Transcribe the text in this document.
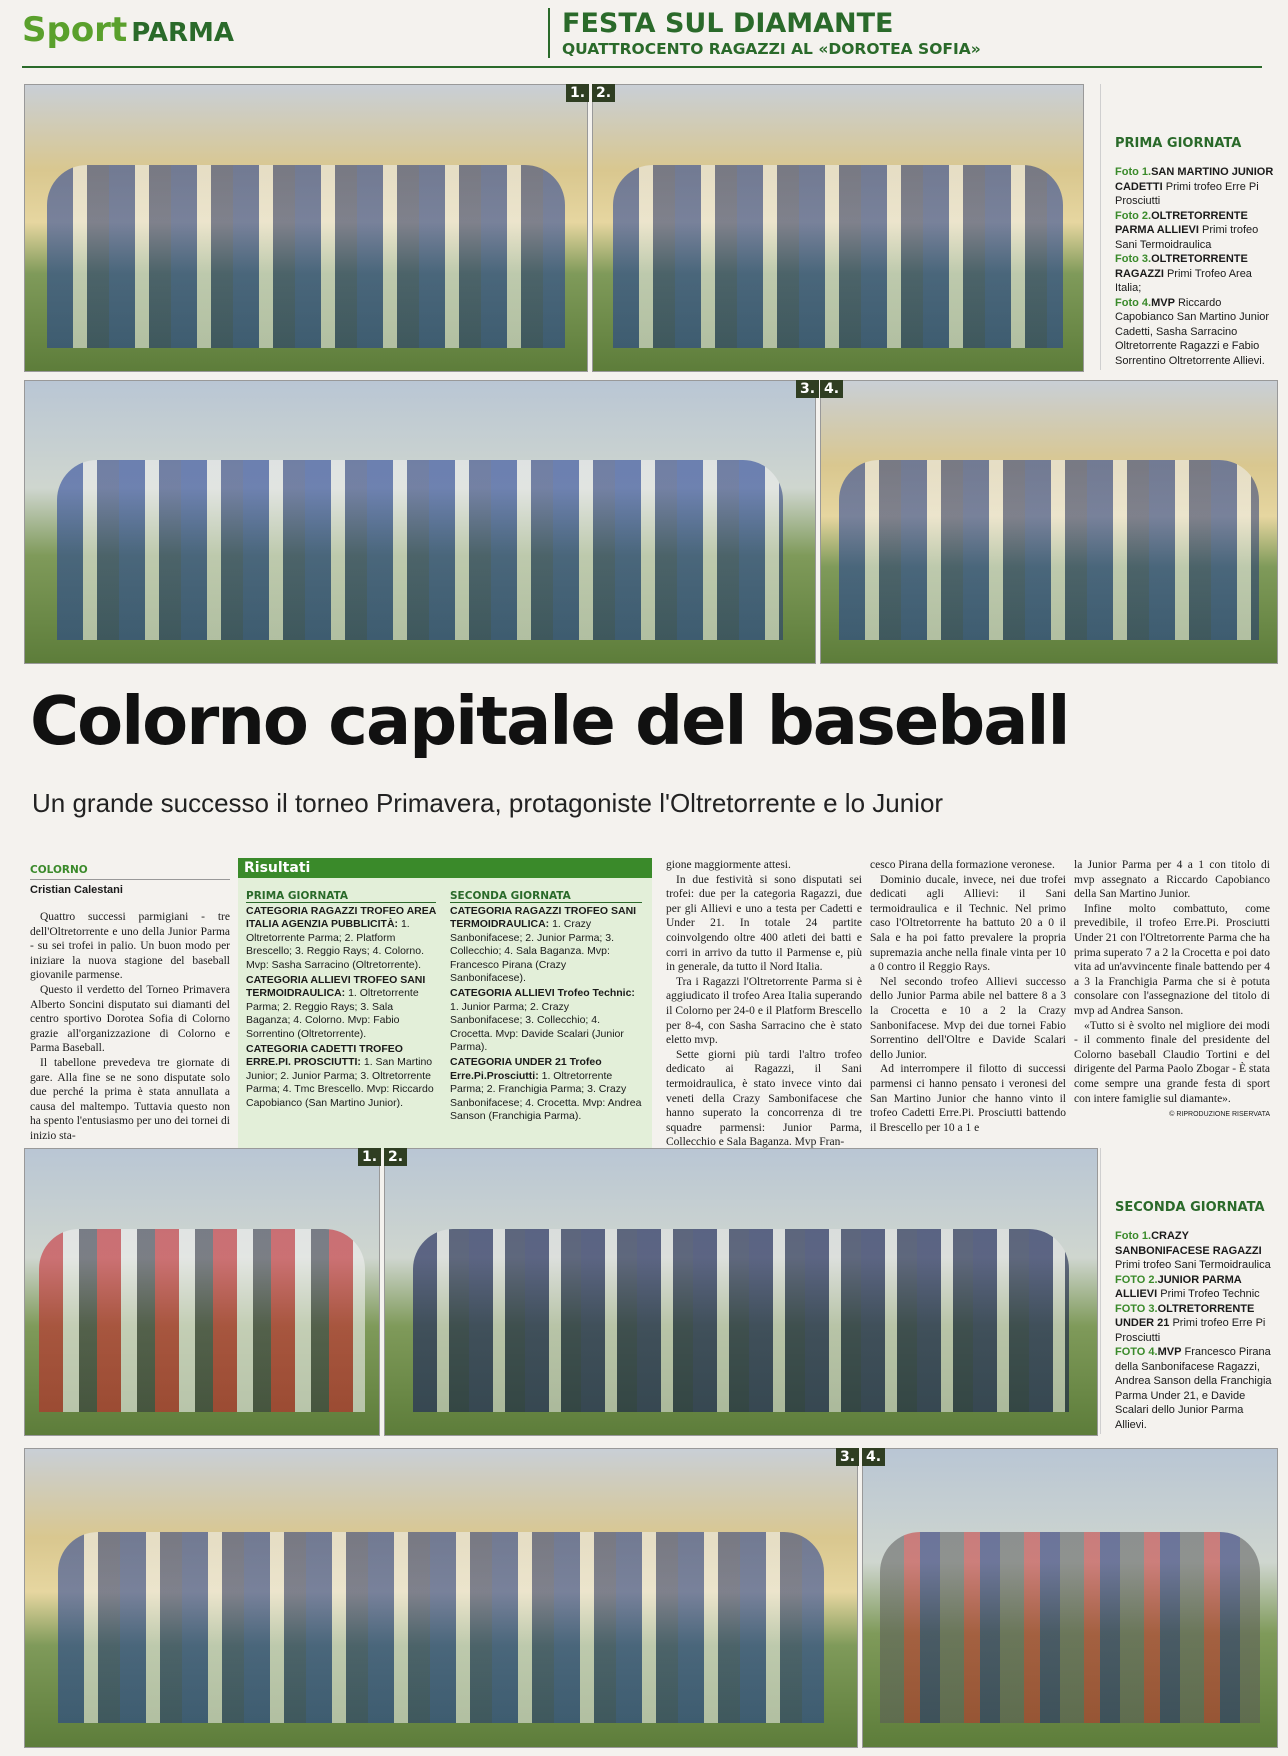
Sport PARMA	FESTA SUL DIAMANTE
QUATTROCENTO RAGAZZI AL «DOROTEA SOFIA»
1. 2.
3. 4.
PRIMA GIORNATA
Foto 1.SAN MARTINO JUNIOR CADETTI Primi trofeo Erre Pi Prosciutti
Foto 2.OLTRETORRENTE PARMA ALLIEVI Primi trofeo Sani Termoidraulica
Foto 3.OLTRETORRENTE RAGAZZI Primi Trofeo Area Italia;
Foto 4.MVP Riccardo Capobianco San Martino Junior Cadetti, Sasha Sarracino Oltretorrente Ragazzi e Fabio Sorrentino Oltretorrente Allievi.
Colorno capitale del baseball
Un grande successo il torneo Primavera, protagoniste l'Oltretorrente e lo Junior
COLORNO
Cristian Calestani

Quattro successi parmigiani - tre dell'Oltretorrente e uno della Junior Parma - su sei trofei in palio. Un buon modo per iniziare la nuova stagione del baseball giovanile parmense.

Questo il verdetto del Torneo Primavera Alberto Soncini disputato sui diamanti del centro sportivo Dorotea Sofia di Colorno grazie all'organizzazione di Colorno e Parma Baseball.

Il tabellone prevedeva tre giornate di gare. Alla fine se ne sono disputate solo due perché la prima è stata annullata a causa del maltempo. Tuttavia questo non ha spento l'entusiasmo per uno dei tornei di inizio sta-

Risultati
PRIMA GIORNATA

CATEGORIA RAGAZZI TROFEO AREA ITALIA AGENZIA PUBBLICITÀ: 1. Oltretorrente Parma; 2. Platform Brescello; 3. Reggio Rays; 4. Colorno. Mvp: Sasha Sarracino (Oltretorrente).

CATEGORIA ALLIEVI TROFEO SANI TERMOIDRAULICA: 1. Oltretorrente Parma; 2. Reggio Rays; 3. Sala Baganza; 4. Colorno. Mvp: Fabio Sorrentino (Oltretorrente).

CATEGORIA CADETTI TROFEO ERRE.PI. PROSCIUTTI: 1. San Martino Junior; 2. Junior Parma; 3. Oltretorrente Parma; 4. Tmc Brescello. Mvp: Riccardo Capobianco (San Martino Junior).

SECONDA GIORNATA

CATEGORIA RAGAZZI TROFEO SANI TERMOIDRAULICA: 1. Crazy Sanbonifacese; 2. Junior Parma; 3. Collecchio; 4. Sala Baganza. Mvp: Francesco Pirana (Crazy Sanbonifacese).

CATEGORIA ALLIEVI Trofeo Technic: 1. Junior Parma; 2. Crazy Sanbonifacese; 3. Collecchio; 4. Crocetta. Mvp: Davide Scalari (Junior Parma).

CATEGORIA UNDER 21 Trofeo Erre.Pi.Prosciutti: 1. Oltretorrente Parma; 2. Franchigia Parma; 3. Crazy Sanbonifacese; 4. Crocetta. Mvp: Andrea Sanson (Franchigia Parma).

gione maggiormente attesi.

In due festività si sono disputati sei trofei: due per la categoria Ragazzi, due per gli Allievi e uno a testa per Cadetti e Under 21. In totale 24 partite coinvolgendo oltre 400 atleti dei batti e corri in arrivo da tutto il Parmense e, più in generale, da tutto il Nord Italia.

Tra i Ragazzi l'Oltretorrente Parma si è aggiudicato il trofeo Area Italia superando il Colorno per 24-0 e il Platform Brescello per 8-4, con Sasha Sarracino che è stato eletto mvp.

Sette giorni più tardi l'altro trofeo dedicato ai Ragazzi, il Sani termoidraulica, è stato invece vinto dai veneti della Crazy Sambonifacese che hanno superato la concorrenza di tre squadre parmensi: Junior Parma, Collecchio e Sala Baganza. Mvp Fran-

cesco Pirana della formazione veronese.

Dominio ducale, invece, nei due trofei dedicati agli Allievi: il Sani termoidraulica e il Technic. Nel primo caso l'Oltretorrente ha battuto 20 a 0 il Sala e ha poi fatto prevalere la propria supremazia anche nella finale vinta per 10 a 0 contro il Reggio Rays.

Nel secondo trofeo Allievi successo dello Junior Parma abile nel battere 8 a 3 la Crocetta e 10 a 2 la Crazy Sanbonifacese. Mvp dei due tornei Fabio Sorrentino dell'Oltre e Davide Scalari dello Junior.

Ad interrompere il filotto di successi parmensi ci hanno pensato i veronesi del San Martino Junior che hanno vinto il trofeo Cadetti Erre.Pi. Prosciutti battendo il Brescello per 10 a 1 e

la Junior Parma per 4 a 1 con titolo di mvp assegnato a Riccardo Capobianco della San Martino Junior.

Infine molto combattuto, come prevedibile, il trofeo Erre.Pi. Prosciutti Under 21 con l'Oltretorrente Parma che ha prima superato 7 a 2 la Crocetta e poi dato vita ad un'avvincente finale battendo per 4 a 3 la Franchigia Parma che si è potuta consolare con l'assegnazione del titolo di mvp ad Andrea Sanson.

«Tutto si è svolto nel migliore dei modi - il commento finale del presidente del Colorno baseball Claudio Tortini e del dirigente del Parma Paolo Zbogar - È stata come sempre una grande festa di sport con intere famiglie sul diamante».

© RIPRODUZIONE RISERVATA
1. 2.
SECONDA GIORNATA
Foto 1.CRAZY SANBONIFACESE RAGAZZI Primi trofeo Sani Termoidraulica
FOTO 2.JUNIOR PARMA ALLIEVI Primi Trofeo Technic
FOTO 3.OLTRETORRENTE UNDER 21 Primi trofeo Erre Pi Prosciutti
FOTO 4.MVP Francesco Pirana della Sanbonifacese Ragazzi, Andrea Sanson della Franchigia Parma Under 21, e Davide Scalari dello Junior Parma Allievi.
3. 4.
